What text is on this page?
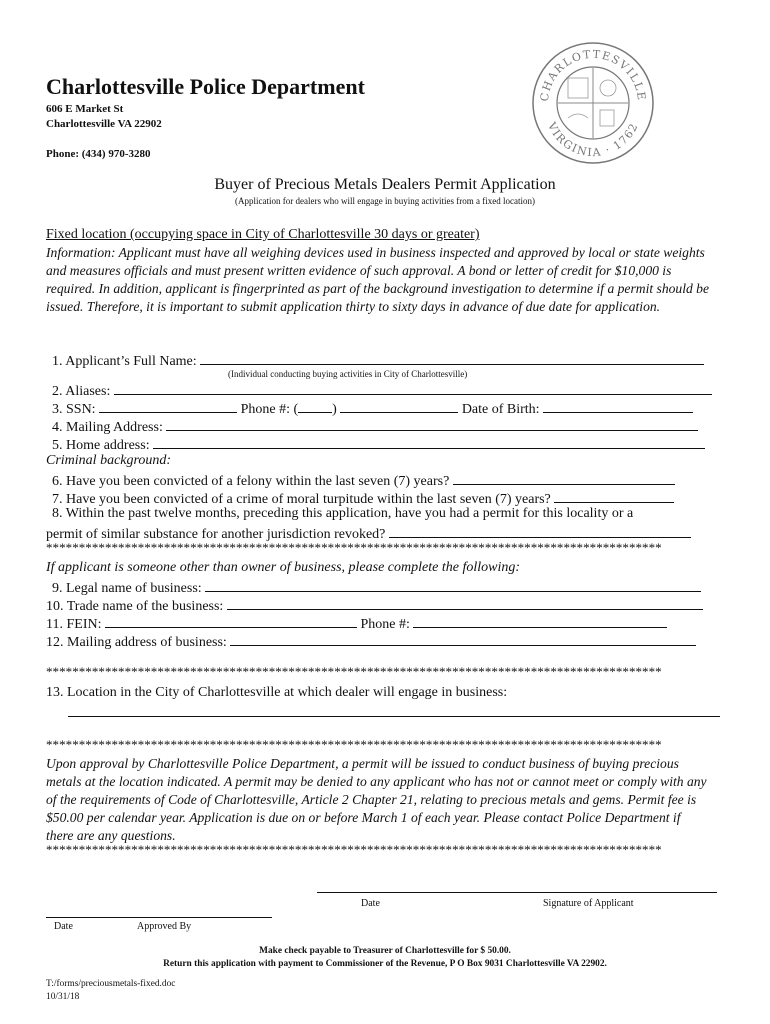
Charlottesville Police Department
606 E Market St
Charlottesville VA 22902
Phone: (434) 970-3280
CHARLOTTESVILLE
VIRGINIA · 1762
Buyer of Precious Metals Dealers Permit Application
(Application for dealers who will engage in buying activities from a fixed location)
Fixed location (occupying space in City of Charlottesville 30 days or greater)
Information: Applicant must have all weighing devices used in business inspected and approved by local or state weights and measures officials and must present written evidence of such approval. A bond or letter of credit for $10,000 is required. In addition, applicant is fingerprinted as part of the background investigation to determine if a permit should be issued. Therefore, it is important to submit application thirty to sixty days in advance of due date for application.
1. Applicant’s Full Name:
(Individual conducting buying activities in City of Charlottesville)
2. Aliases:
3. SSN:	Phone #: ( )	Date of Birth:
4. Mailing Address:
5. Home address:
Criminal background:
6. Have you been convicted of a felony within the last seven (7) years?
7. Have you been convicted of a crime of moral turpitude within the last seven (7) years?
8. Within the past twelve months, preceding this application, have you had a permit for this locality or a
permit of similar substance for another jurisdiction revoked?
**********************************************************************************************
If applicant is someone other than owner of business, please complete the following:
9. Legal name of business:
10. Trade name of the business:
11. FEIN:	Phone #:
12. Mailing address of business:
**********************************************************************************************
13. Location in the City of Charlottesville at which dealer will engage in business:
**********************************************************************************************
Upon approval by Charlottesville Police Department, a permit will be issued to conduct business of buying precious metals at the location indicated. A permit may be denied to any applicant who has not or cannot meet or comply with any of the requirements of Code of Charlottesville, Article 2 Chapter 21, relating to precious metals and gems. Permit fee is $50.00 per calendar year. Application is due on or before March 1 of each year. Please contact Police Department if there are any questions.
**********************************************************************************************
Date	Signature of Applicant
Date	Approved By
Make check payable to Treasurer of Charlottesville for $ 50.00.
Return this application with payment to Commissioner of the Revenue, P O Box 9031 Charlottesville VA 22902.
T:/forms/preciousmetals-fixed.doc
10/31/18
